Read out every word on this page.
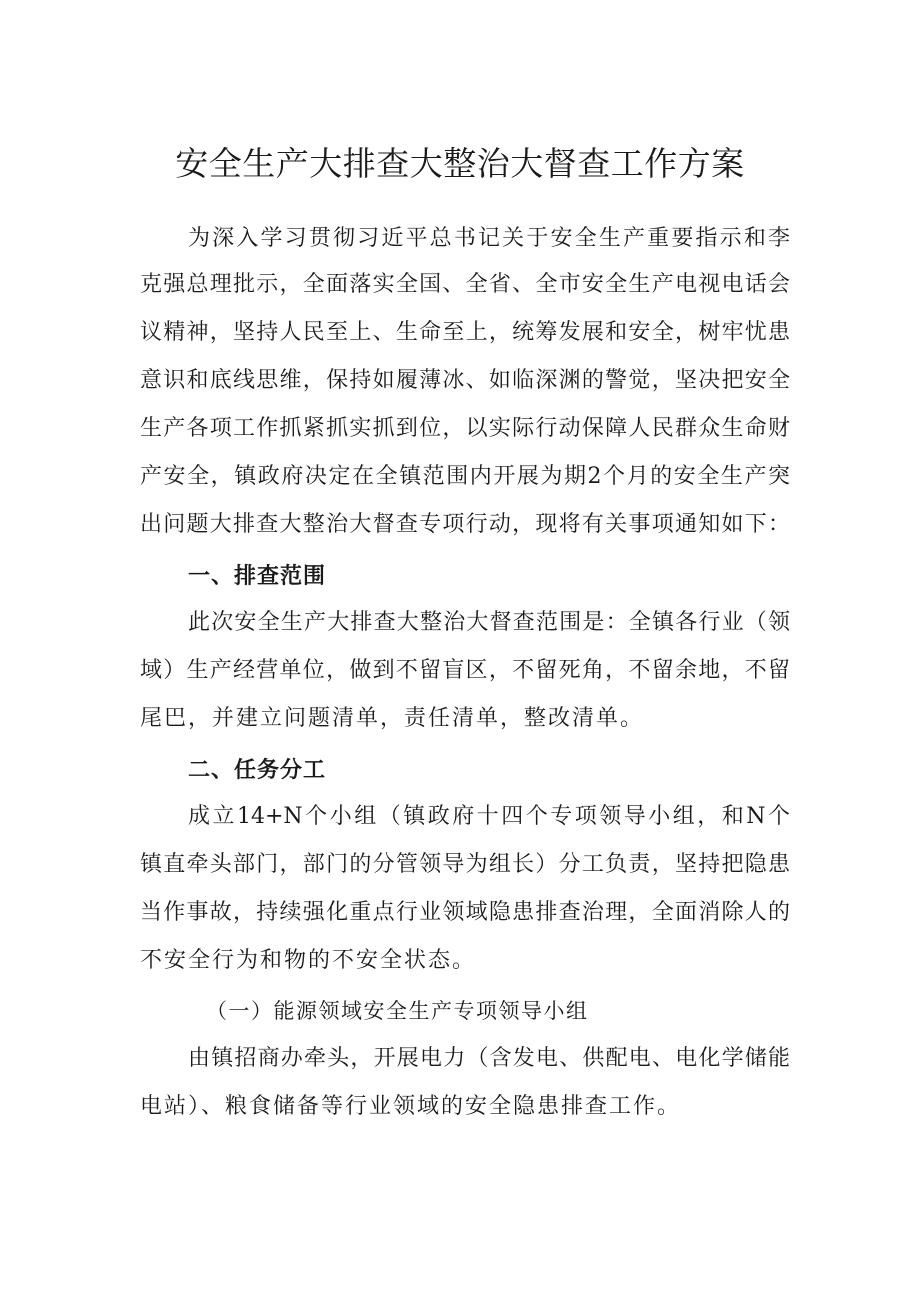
安全生产大排查大整治大督查工作方案
为深入学习贯彻习近平总书记关于安全生产重要指示和李
克强总理批示，全面落实全国、全省、全市安全生产电视电话会
议精神，坚持人民至上、生命至上，统筹发展和安全，树牢忧患
意识和底线思维，保持如履薄冰、如临深渊的警觉，坚决把安全
生产各项工作抓紧抓实抓到位，以实际行动保障人民群众生命财
产安全，镇政府决定在全镇范围内开展为期2个月的安全生产突
出问题大排查大整治大督查专项行动，现将有关事项通知如下：
一、排查范围
此次安全生产大排查大整治大督查范围是：全镇各行业（领
域）生产经营单位，做到不留盲区，不留死角，不留余地，不留
尾巴，并建立问题清单，责任清单，整改清单。
二、任务分工
成立14+N个小组（镇政府十四个专项领导小组，和N个
镇直牵头部门，部门的分管领导为组长）分工负责，坚持把隐患
当作事故，持续强化重点行业领域隐患排查治理，全面消除人的
不安全行为和物的不安全状态。
（一）能源领域安全生产专项领导小组
由镇招商办牵头，开展电力（含发电、供配电、电化学储能
电站）、粮食储备等行业领域的安全隐患排查工作。
